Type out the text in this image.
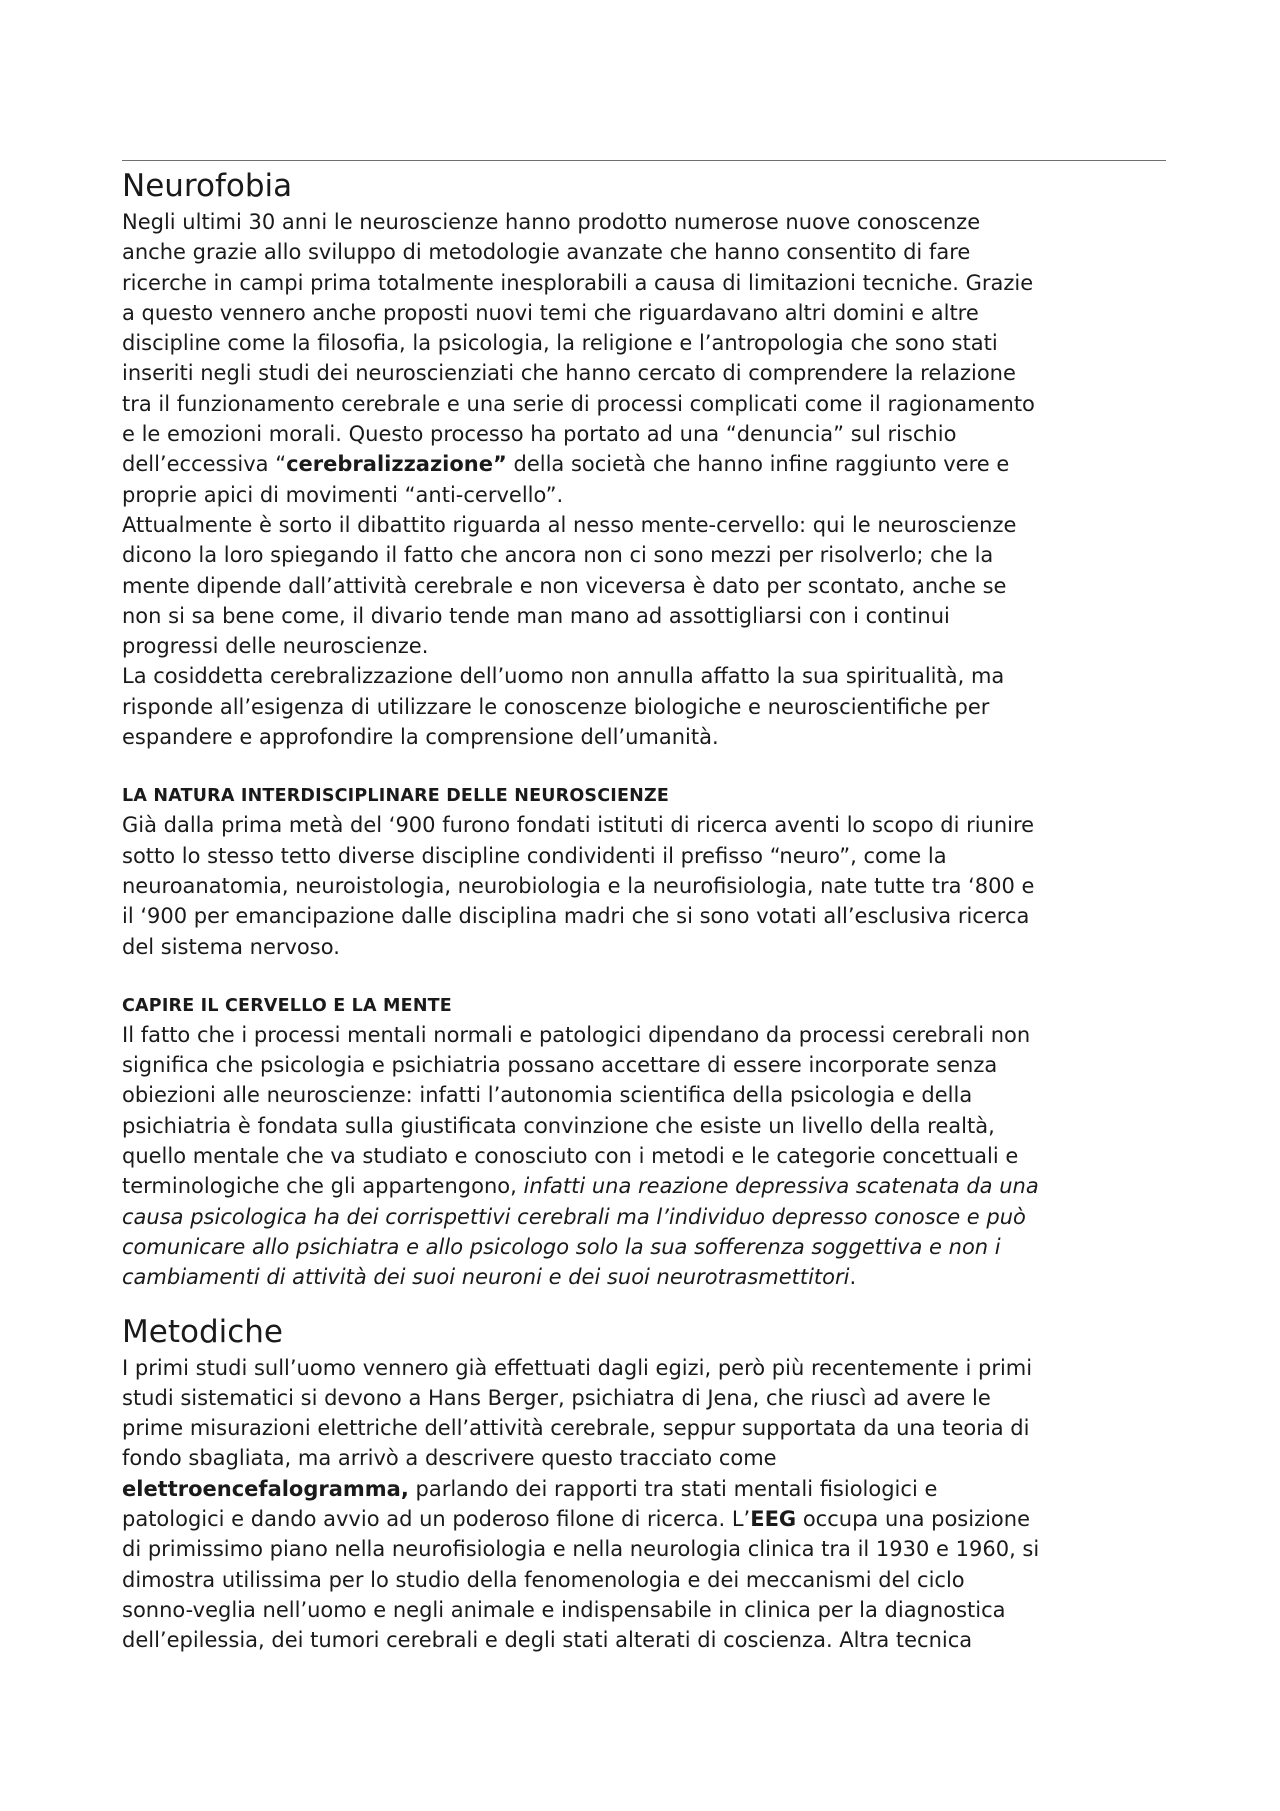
Neurofobia

Negli ultimi 30 anni le neuroscienze hanno prodotto numerose nuove conoscenze
anche grazie allo sviluppo di metodologie avanzate che hanno consentito di fare
ricerche in campi prima totalmente inesplorabili a causa di limitazioni tecniche. Grazie
a questo vennero anche proposti nuovi temi che riguardavano altri domini e altre
discipline come la filosofia, la psicologia, la religione e l’antropologia che sono stati
inseriti negli studi dei neuroscienziati che hanno cercato di comprendere la relazione
tra il funzionamento cerebrale e una serie di processi complicati come il ragionamento
e le emozioni morali. Questo processo ha portato ad una “denuncia” sul rischio
dell’eccessiva “cerebralizzazione” della società che hanno infine raggiunto vere e
proprie apici di movimenti “anti-cervello”.

Attualmente è sorto il dibattito riguarda al nesso mente-cervello: qui le neuroscienze
dicono la loro spiegando il fatto che ancora non ci sono mezzi per risolverlo; che la
mente dipende dall’attività cerebrale e non viceversa è dato per scontato, anche se
non si sa bene come, il divario tende man mano ad assottigliarsi con i continui
progressi delle neuroscienze.

La cosiddetta cerebralizzazione dell’uomo non annulla affatto la sua spiritualità, ma
risponde all’esigenza di utilizzare le conoscenze biologiche e neuroscientifiche per
espandere e approfondire la comprensione dell’umanità.

LA NATURA INTERDISCIPLINARE DELLE NEUROSCIENZE

Già dalla prima metà del ‘900 furono fondati istituti di ricerca aventi lo scopo di riunire
sotto lo stesso tetto diverse discipline condividenti il prefisso “neuro”, come la
neuroanatomia, neuroistologia, neurobiologia e la neurofisiologia, nate tutte tra ‘800 e
il ‘900 per emancipazione dalle disciplina madri che si sono votati all’esclusiva ricerca
del sistema nervoso.

CAPIRE IL CERVELLO E LA MENTE

Il fatto che i processi mentali normali e patologici dipendano da processi cerebrali non
significa che psicologia e psichiatria possano accettare di essere incorporate senza
obiezioni alle neuroscienze: infatti l’autonomia scientifica della psicologia e della
psichiatria è fondata sulla giustificata convinzione che esiste un livello della realtà,
quello mentale che va studiato e conosciuto con i metodi e le categorie concettuali e
terminologiche che gli appartengono, infatti una reazione depressiva scatenata da una
causa psicologica ha dei corrispettivi cerebrali ma l’individuo depresso conosce e può
comunicare allo psichiatra e allo psicologo solo la sua sofferenza soggettiva e non i
cambiamenti di attività dei suoi neuroni e dei suoi neurotrasmettitori.

Metodiche

I primi studi sull’uomo vennero già effettuati dagli egizi, però più recentemente i primi
studi sistematici si devono a Hans Berger, psichiatra di Jena, che riuscì ad avere le
prime misurazioni elettriche dell’attività cerebrale, seppur supportata da una teoria di
fondo sbagliata, ma arrivò a descrivere questo tracciato come
elettroencefalogramma, parlando dei rapporti tra stati mentali fisiologici e
patologici e dando avvio ad un poderoso filone di ricerca. L’EEG occupa una posizione
di primissimo piano nella neurofisiologia e nella neurologia clinica tra il 1930 e 1960, si
dimostra utilissima per lo studio della fenomenologia e dei meccanismi del ciclo
sonno-veglia nell’uomo e negli animale e indispensabile in clinica per la diagnostica
dell’epilessia, dei tumori cerebrali e degli stati alterati di coscienza. Altra tecnica
